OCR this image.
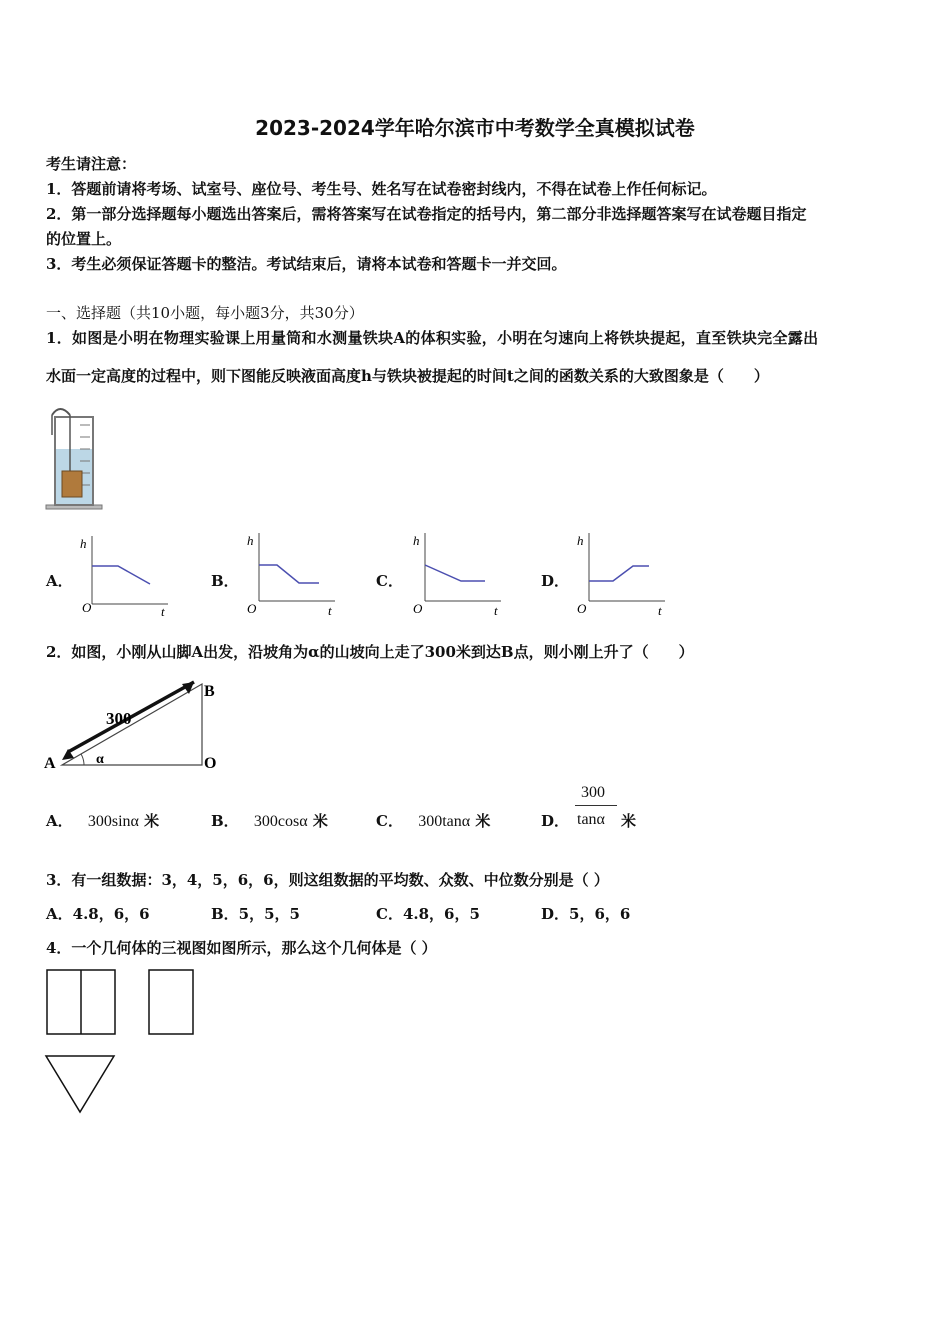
2023-2024学年哈尔滨市中考数学全真模拟试卷
考生请注意：
1．答题前请将考场、试室号、座位号、考生号、姓名写在试卷密封线内，不得在试卷上作任何标记。
2．第一部分选择题每小题选出答案后，需将答案写在试卷指定的括号内，第二部分非选择题答案写在试卷题目指定
的位置上。
3．考生必须保证答题卡的整洁。考试结束后，请将本试卷和答题卡一并交回。
一、选择题（共10小题，每小题3分，共30分）
1．如图是小明在物理实验课上用量筒和水测量铁块A的体积实验，小明在匀速向上将铁块提起，直至铁块完全露出
水面一定高度的过程中，则下图能反映液面高度h与铁块被提起的时间t之间的函数关系的大致图象是（　　）
A．
h
t
O
B．
h
t
O
C．
h
t
O
D．
h
t
O
2．如图，小刚从山脚A出发，沿坡角为α的山坡向上走了300米到达B点，则小刚上升了（　　）
300
A
B
O
α
A． 300sinα 米	B． 300cosα 米	C． 300tanα 米	D．
300
tanα 米
3．有一组数据：3，4，5，6，6，则这组数据的平均数、众数、中位数分别是（ ）
A．4.8，6，6	B．5，5，5	C．4.8，6，5	D．5，6，6
4．一个几何体的三视图如图所示，那么这个几何体是（ ）
